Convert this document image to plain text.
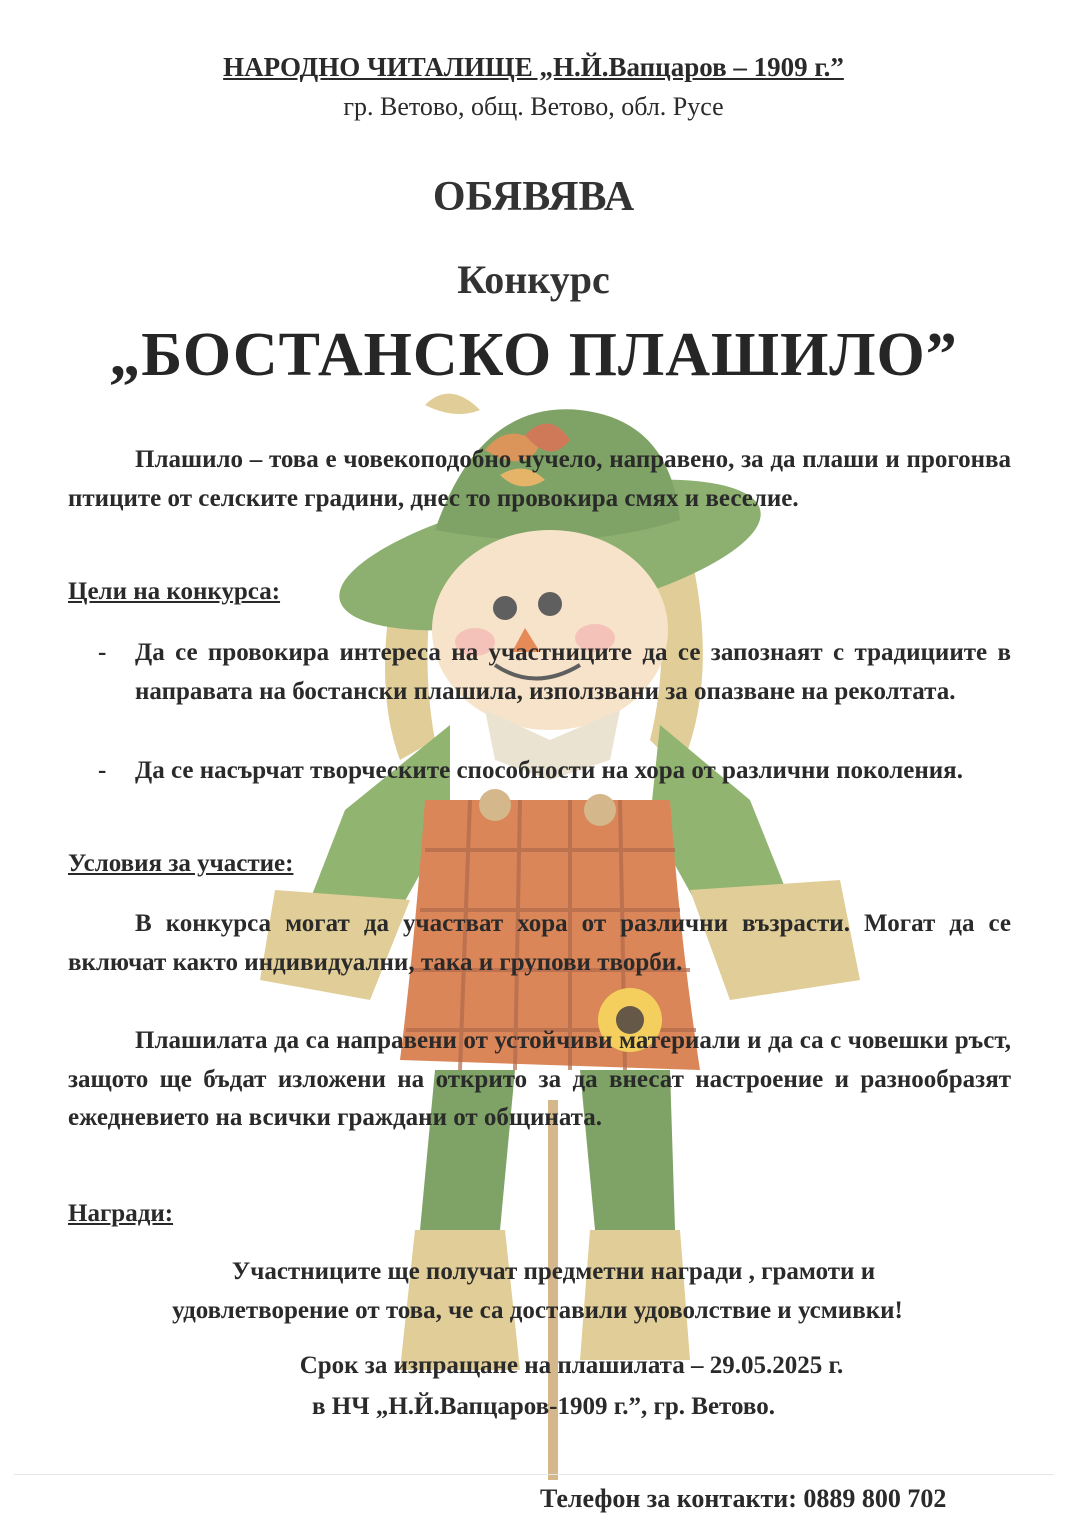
НАРОДНО ЧИТАЛИЩЕ „Н.Й.Вапцаров – 1909 г.”
гр. Ветово, общ. Ветово, обл. Русе
ОБЯВЯВА
Конкурс
„БОСТАНСКО ПЛАШИЛО”
Плашило – това е човекоподобно чучело, направено, за да плаши и прогонва птиците от селските градини, днес то провокира смях и веселие.
Цели на конкурса:
-	Да се провокира интереса на участниците да се запознаят с традициите в направата на бостански плашила, използвани за опазване на реколтата.
-	Да се насърчат творческите способности на хора от различни поколения.
Условия за участие:
В конкурса могат да участват хора от различни възрасти. Могат да се включат както индивидуални, така и групови творби.
Плашилата да са направени от устойчиви материали и да са с човешки ръст, защото ще бъдат изложени на открито за да внесат настроение и разнообразят ежедневието на всички граждани от общината.
Награди:
Участниците ще получат предметни награди , грамоти и
удовлетворение от това, че са доставили удоволствие и усмивки!
Срок за изпращане на плашилата – 29.05.2025 г.
в НЧ „Н.Й.Вапцаров-1909 г.”, гр. Ветово.
Телефон за контакти: 0889 800 702
